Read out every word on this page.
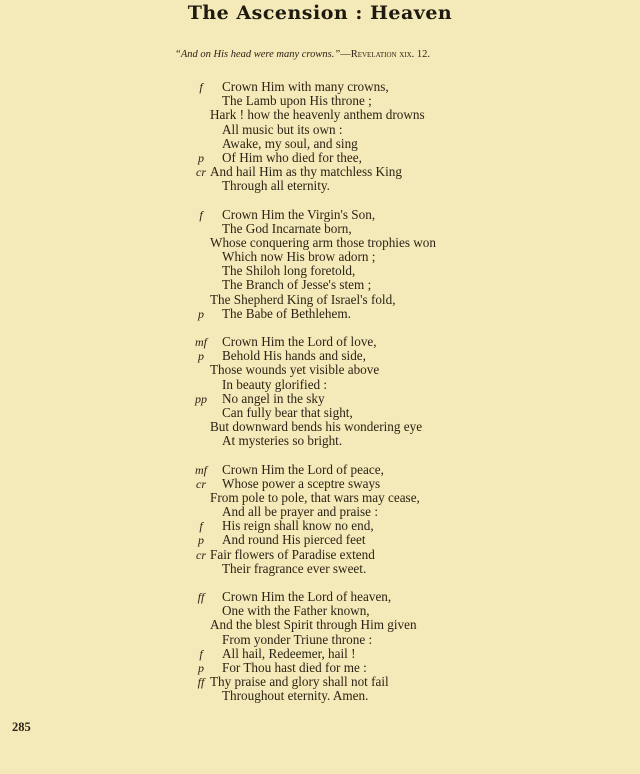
The Ascension : Heaven
“And on His head were many crowns.”—Revelation xix. 12.
f	Crown Him with many crowns,
The Lamb upon His throne ;
Hark ! how the heavenly anthem drowns
All music but its own :
Awake, my soul, and sing
p	Of Him who died for thee,
cr And hail Him as thy matchless King
Through all eternity.
f	Crown Him the Virgin's Son,
The God Incarnate born,
Whose conquering arm those trophies won
Which now His brow adorn ;
The Shiloh long foretold,
The Branch of Jesse's stem ;
The Shepherd King of Israel's fold,
p	The Babe of Bethlehem.
mf Crown Him the Lord of love,
p	Behold His hands and side,
Those wounds yet visible above
In beauty glorified :
pp No angel in the sky
Can fully bear that sight,
But downward bends his wondering eye
At mysteries so bright.
mf Crown Him the Lord of peace,
cr	Whose power a sceptre sways
From pole to pole, that wars may cease,
And all be prayer and praise :
f	His reign shall know no end,
p	And round His pierced feet
cr Fair flowers of Paradise extend
Their fragrance ever sweet.
ff	Crown Him the Lord of heaven,
One with the Father known,
And the blest Spirit through Him given
From yonder Triune throne :
f	All hail, Redeemer, hail !
p	For Thou hast died for me :
ff Thy praise and glory shall not fail
Throughout eternity. Amen.
285
